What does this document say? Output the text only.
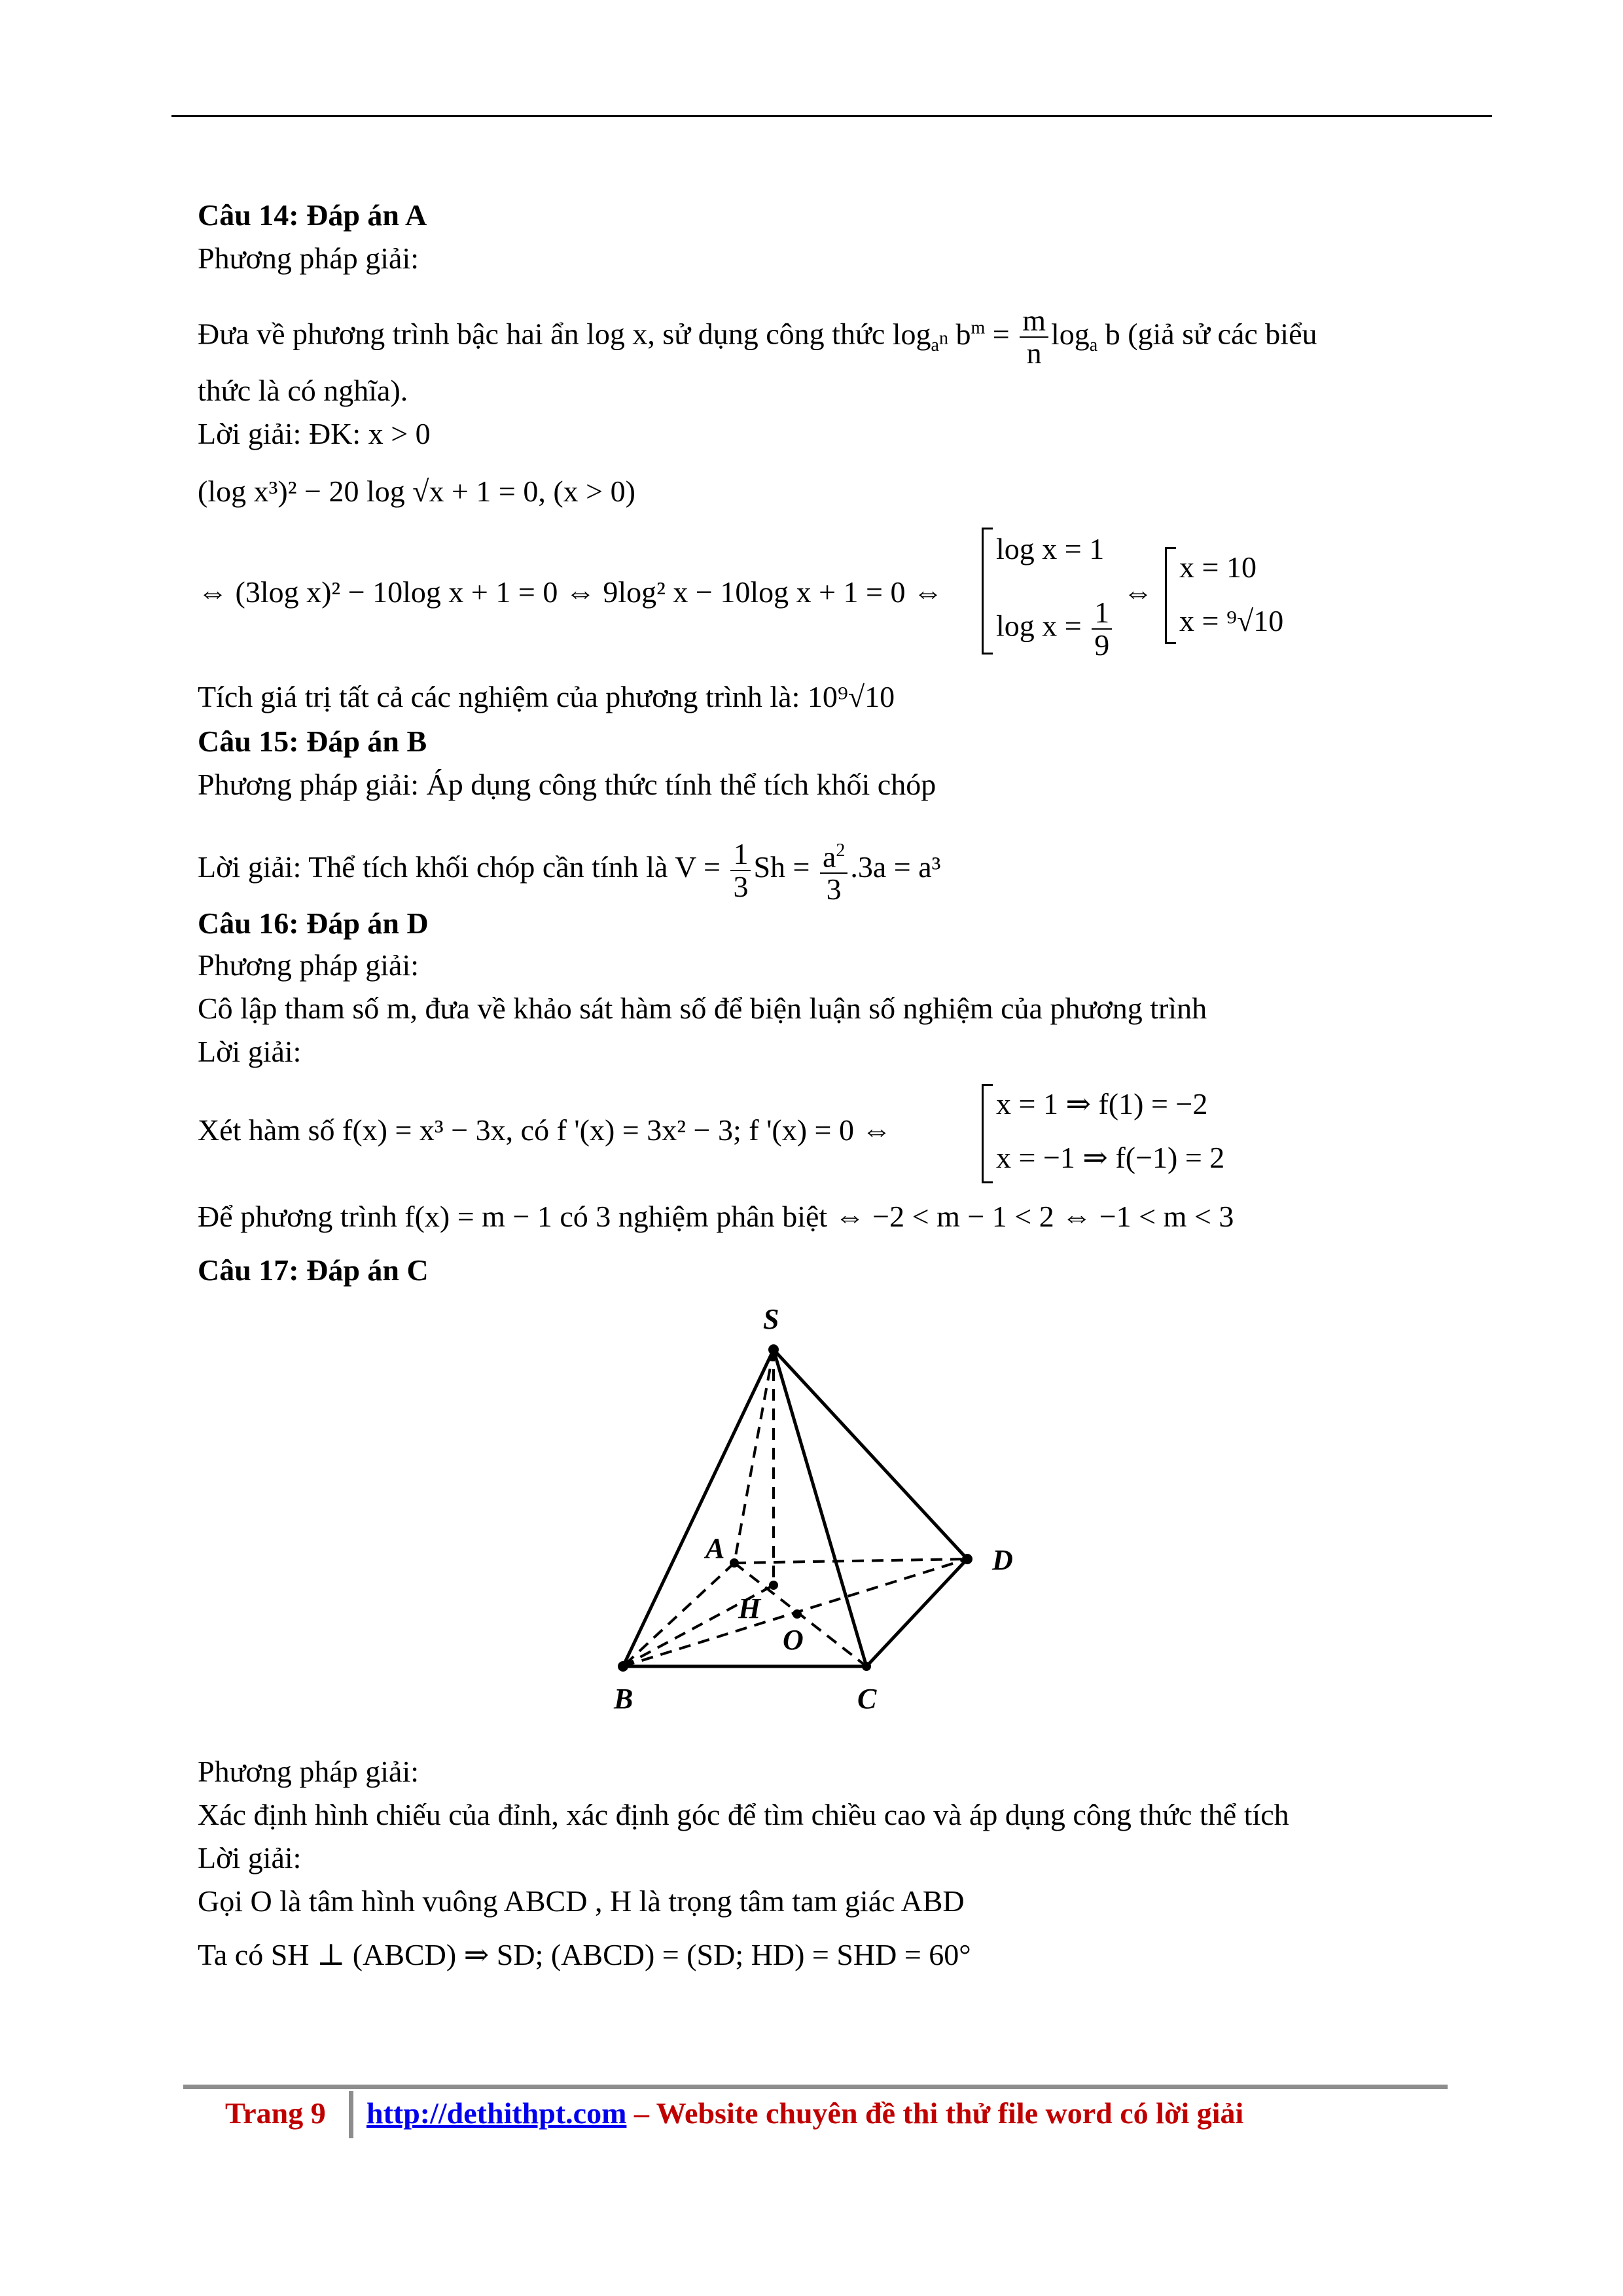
Câu 14: Đáp án A
Phương pháp giải:
Đưa về phương trình bậc hai ẩn log x, sử dụng công thức $\log_{a^n} b^m = \frac{m}{n} \log_a b$ (giả sử các biểu
thức là có nghĩa).
Lời giải: ĐK: x > 0
(log x³)² − 20 log √x + 1 = 0, (x > 0)
⇔ (3log x)² − 10log x + 1 = 0 ⇔ 9log² x − 10log x + 1 = 0 ⇔
log x = 1
$\log x = \frac{1}{9}$
⇔
x = 10
x = ⁹√10
Tích giá trị tất cả các nghiệm của phương trình là: 10⁹√10
Câu 15: Đáp án B
Phương pháp giải: Áp dụng công thức tính thể tích khối chóp
Lời giải: Thể tích khối chóp cần tính là $V = \frac{1}{3}$ $Sh = \frac{a^2}{3} .3a = a^3$
Câu 16: Đáp án D
Phương pháp giải:
Cô lập tham số m, đưa về khảo sát hàm số để biện luận số nghiệm của phương trình
Lời giải:
Xét hàm số f(x) = x³ − 3x, có f '(x) = 3x² − 3; f '(x) = 0 ⇔
x = 1 ⇒ f(1) = −2
x = −1 ⇒ f(−1) = 2
Để phương trình f(x) = m − 1 có 3 nghiệm phân biệt ⇔ −2 < m − 1 < 2 ⇔ −1 < m < 3
Câu 17: Đáp án C
S
A
B	C
D
H
O
Phương pháp giải:
Xác định hình chiếu của đỉnh, xác định góc để tìm chiều cao và áp dụng công thức thể tích
Lời giải:
Gọi O là tâm hình vuông ABCD , H là trọng tâm tam giác ABD
Ta có SH ⊥ (ABCD) ⇒ SD; (ABCD) = (SD; HD) = SHD = 60°
Trang 9 http://dethithpt.com – Website chuyên đề thi thử file word có lời giải
